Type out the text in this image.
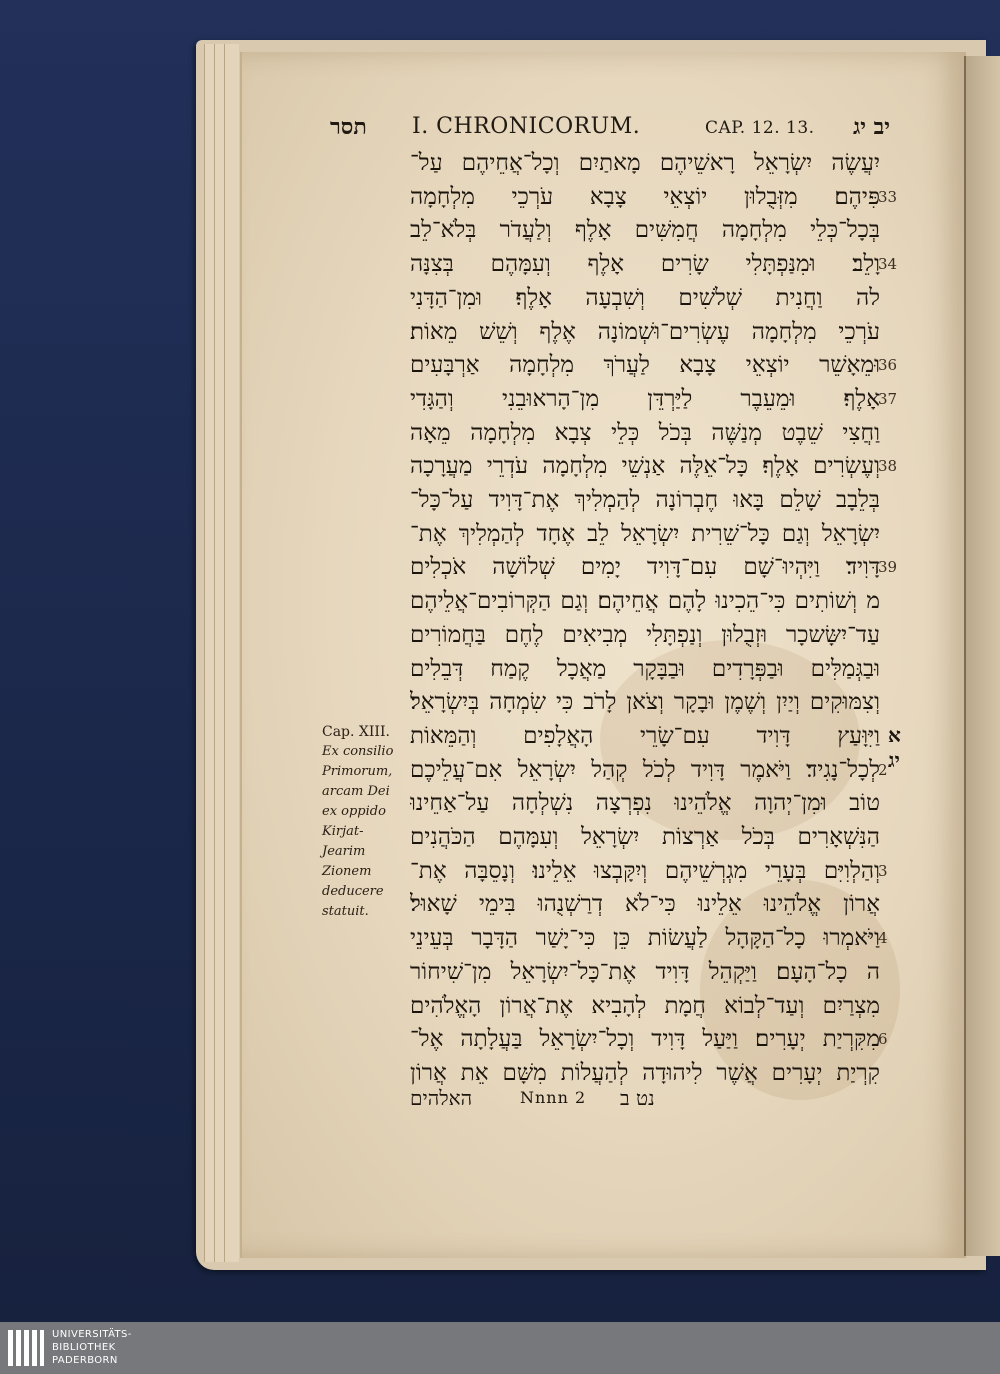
תסר I. CHRONICORUM.	CAP. 12. 13. יב יג
יִעֲשֶׂה יִשְׂרָאֵל רָאשֵׁיהֶם מָאתַיִם וְכָל־אֲחֵיהֶם עַל־
פִּיהֶם׃ מִזְּבֻלוּן יוֹצְאֵי צָבָא עֹרְכֵי מִלְחָמָה
33
בְּכָל־כְּלֵי מִלְחָמָה חֲמִשִּׁים אָלֶף וְלַעֲדֹר בְּלֹא־לֵב
וָלֵב׃ וּמִנַּפְתָּלִי שָׂרִים אָלֶף וְעִמָּהֶם בְּצִנָּה
34
לה וַחֲנִית שְׁלֹשִׁים וְשִׁבְעָה אָלֶף׃ וּמִן־הַדָּנִי
עֹרְכֵי מִלְחָמָה עֶשְׂרִים־וּשְׁמוֹנָה אֶלֶף וְשֵׁשׁ מֵאוֹת׃
וּמֵאָשֵׁר יוֹצְאֵי צָבָא לַעֲרֹךְ מִלְחָמָה אַרְבָּעִים
36
אָלֶף׃ וּמֵעֵבֶר לַיַּרְדֵּן מִן־הָראוּבֵנִי וְהַגָּדִי
37
וַחֲצִי שֵׁבֶט מְנַשֶּׁה בְּכֹל כְּלֵי צְבָא מִלְחָמָה מֵאָה
וְעֶשְׂרִים אָלֶף׃ כָּל־אֵלֶּה אַנְשֵׁי מִלְחָמָה עֹדְרֵי מַעֲרָכָה
38
בְּלֵבָב שָׁלֵם בָּאוּ חֶבְרוֹנָה לְהַמְלִיךְ אֶת־דָּוִיד עַל־כָּל־
יִשְׂרָאֵל וְגַם כָּל־שֵׁרִית יִשְׂרָאֵל לֵב אֶחָד לְהַמְלִיךְ אֶת־
דָּוִיד׃ וַיִּהְיוּ־שָׁם עִם־דָּוִיד יָמִים שְׁלוֹשָׁה אֹכְלִים
39
מ וְשׁוֹתִים כִּי־הֵכִינוּ לָהֶם אֲחֵיהֶם׃ וְגַם הַקְּרוֹבִים־אֲלֵיהֶם
עַד־יִשָּׂשכָר וּזְבֻלוּן וְנַפְתָּלִי מְבִיאִים לֶחֶם בַּחֲמוֹרִים
וּבַגְּמַלִּים וּבַפְּרָדִים וּבַבָּקָר מַאֲכָל קֶמַח דְּבֵלִים
וְצִמּוּקִים וְיַיִן וְשֶׁמֶן וּבָקָר וְצֹאן לָרֹב כִּי שִׂמְחָה בְּיִשְׂרָאֵל׃
וַיִּוָּעַץ דָּוִיד עִם־שָׂרֵי הָאֲלָפִים וְהַמֵּאוֹת א יג
לְכָל־נָגִיד׃ וַיֹּאמֶר דָּוִיד לְכֹל קְהַל יִשְׂרָאֵל אִם־עֲלֵיכֶם
2
טוֹב וּמִן־יְהוָה אֱלֹהֵינוּ נִפְרְצָה נִשְׁלְחָה עַל־אַחֵינוּ
הַנִּשְׁאָרִים בְּכֹל אַרְצוֹת יִשְׂרָאֵל וְעִמָּהֶם הַכֹּהֲנִים
וְהַלְוִיִּם בְּעָרֵי מִגְרְשֵׁיהֶם וְיִקָּבְצוּ אֵלֵינוּ׃ וְנָסֵבָּה אֶת־
3
אֲרוֹן אֱלֹהֵינוּ אֵלֵינוּ כִּי־לֹא דְרַשְׁנֻהוּ בִּימֵי שָׁאוּל׃
וַיֹּאמְרוּ כָל־הַקָּהָל לַעֲשׂוֹת כֵּן כִּי־יָשַׁר הַדָּבָר בְּעֵינֵי
4
ה כָל־הָעָם׃ וַיַּקְהֵל דָּוִיד אֶת־כָּל־יִשְׂרָאֵל מִן־שִׁיחוֹר
מִצְרַיִם וְעַד־לְבוֹא חֲמָת לְהָבִיא אֶת־אֲרוֹן הָאֱלֹהִים
מִקִּרְיַת יְעָרִים׃ וַיַּעַל דָּוִיד וְכָל־יִשְׂרָאֵל בַּעֲלָתָה אֶל־
6
קִרְיַת יְעָרִים אֲשֶׁר לִיהוּדָה לְהַעֲלוֹת מִשָּׁם אֵת אֲרוֹן
Cap. XIII.
Ex consilio
Primorum,
arcam Dei
ex oppido
Kirjat-
Jearim
Zionem
deducere
statuit.
האלהים	Nnnn 2 נט ב
UNIVERSITÄTS-
BIBLIOTHEK
PADERBORN
